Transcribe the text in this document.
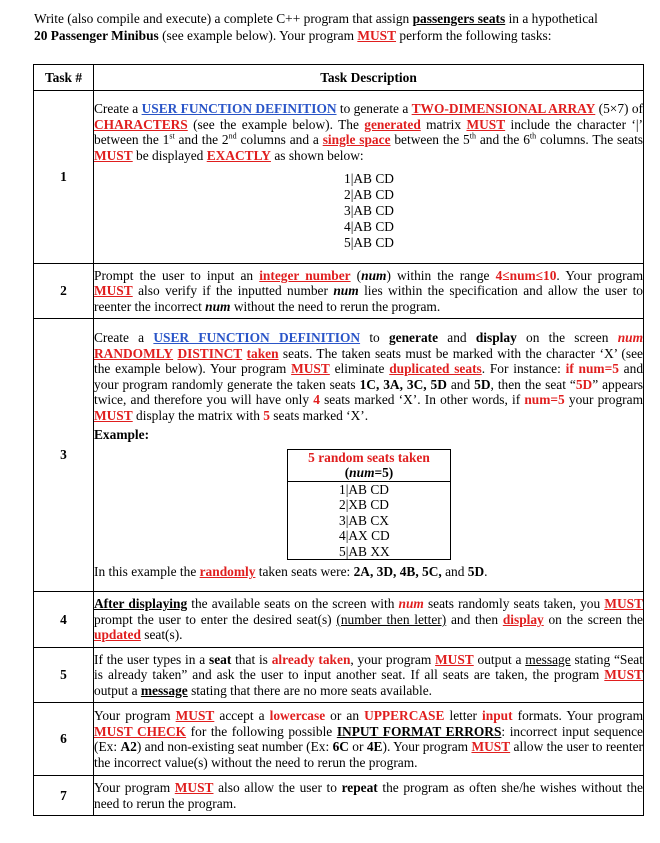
Write (also compile and execute) a complete C++ program that assign passengers seats in a hypothetical
20 Passenger Minibus (see example below). Your program MUST perform the following tasks:
Task #	Task Description
1	Create a USER FUNCTION DEFINITION to generate a TWO-DIMENSIONAL ARRAY (5×7) of CHARACTERS (see the example below). The generated matrix MUST include the character ‘|’ between the 1st and the 2nd columns and a single space between the 5th and the 6th columns. The seats MUST be displayed EXACTLY as shown below:
1|AB CD
2|AB CD
3|AB CD
4|AB CD
5|AB CD

2	Prompt the user to input an integer number (num) within the range 4≤num≤10. Your program MUST also verify if the inputted number num lies within the specification and allow the user to reenter the incorrect num without the need to rerun the program.
3	Create a USER FUNCTION DEFINITION to generate and display on the screen num RANDOMLY DISTINCT taken seats. The taken seats must be marked with the character ‘X’ (see the example below). Your program MUST eliminate duplicated seats. For instance: if num=5 and your program randomly generate the taken seats 1C, 3A, 3C, 5D and 5D, then the seat “5D” appears twice, and therefore you will have only 4 seats marked ‘X’. In other words, if num=5 your program MUST display the matrix with 5 seats marked ‘X’.
Example:
5 random seats taken
(num=5)

1|AB CD
2|XB CD
3|AB CX
4|AX CD
5|AB XX
In this example the randomly taken seats were: 2A, 3D, 4B, 5C, and 5D.

4	After displaying the available seats on the screen with num seats randomly seats taken, you MUST prompt the user to enter the desired seat(s) (number then letter) and then display on the screen the updated seat(s).
5	If the user types in a seat that is already taken, your program MUST output a message stating “Seat is already taken” and ask the user to input another seat. If all seats are taken, the program MUST output a message stating that there are no more seats available.
6	Your program MUST accept a lowercase or an UPPERCASE letter input formats. Your program MUST CHECK for the following possible INPUT FORMAT ERRORS: incorrect input sequence (Ex: A2) and non-existing seat number (Ex: 6C or 4E). Your program MUST allow the user to reenter the incorrect value(s) without the need to rerun the program.
7	Your program MUST also allow the user to repeat the program as often she/he wishes without the need to rerun the program.
